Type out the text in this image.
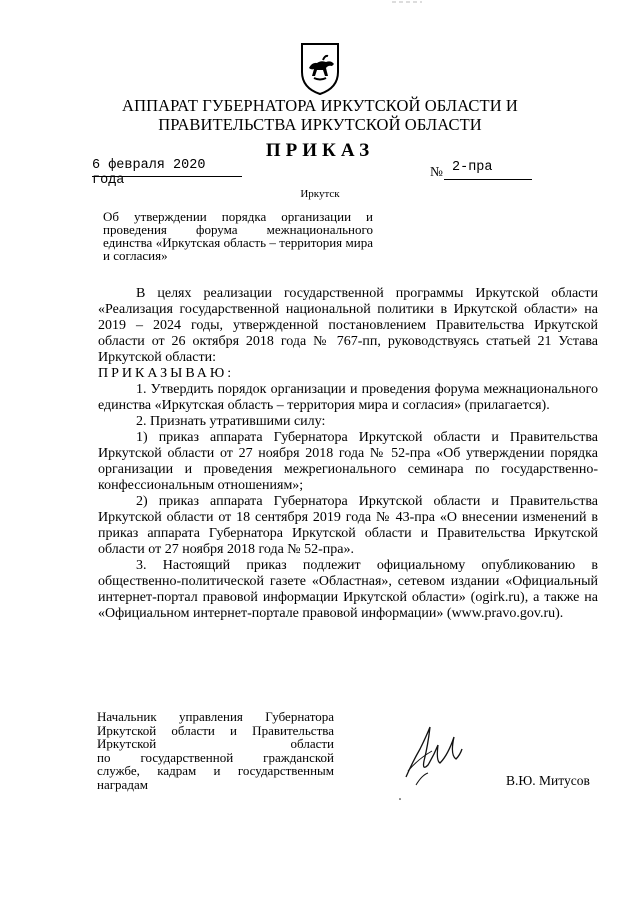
АППАРАТ ГУБЕРНАТОРА ИРКУТСКОЙ ОБЛАСТИ И
ПРАВИТЕЛЬСТВА ИРКУТСКОЙ ОБЛАСТИ
ПРИКАЗ
6 февраля 2020 года
№ 2-пра
Иркутск
Об утверждении порядка организации и проведения форума межнационального единства «Иркутская область – территория мира и согласия»

В целях реализации государственной программы Иркутской области «Реализация государственной национальной политики в Иркутской области» на 2019 – 2024 годы, утвержденной постановлением Правительства Иркутской области от 26 октября 2018 года № 767-пп, руководствуясь статьей 21 Устава Иркутской области:

ПРИКАЗЫВАЮ:

1. Утвердить порядок организации и проведения форума межнационального единства «Иркутская область – территория мира и согласия» (прилагается).

2. Признать утратившими силу:

1) приказ аппарата Губернатора Иркутской области и Правительства Иркутской области от 27 ноября 2018 года № 52-пра «Об утверждении порядка организации и проведения межрегионального семинара по государственно-конфессиональным отношениям»;

2) приказ аппарата Губернатора Иркутской области и Правительства Иркутской области от 18 сентября 2019 года № 43-пра «О внесении изменений в приказ аппарата Губернатора Иркутской области и Правительства Иркутской области от 27 ноября 2018 года № 52-пра».

3. Настоящий приказ подлежит официальному опубликованию в общественно-политической газете «Областная», сетевом издании «Официальный интернет-портал правовой информации Иркутской области» (ogirk.ru), а также на «Официальном интернет-портале правовой информации» (www.pravo.gov.ru).

Начальник управления Губернатора
Иркутской области и Правительства
Иркутской области
по государственной гражданской
службе, кадрам и государственным
наградам	В.Ю. Митусов
